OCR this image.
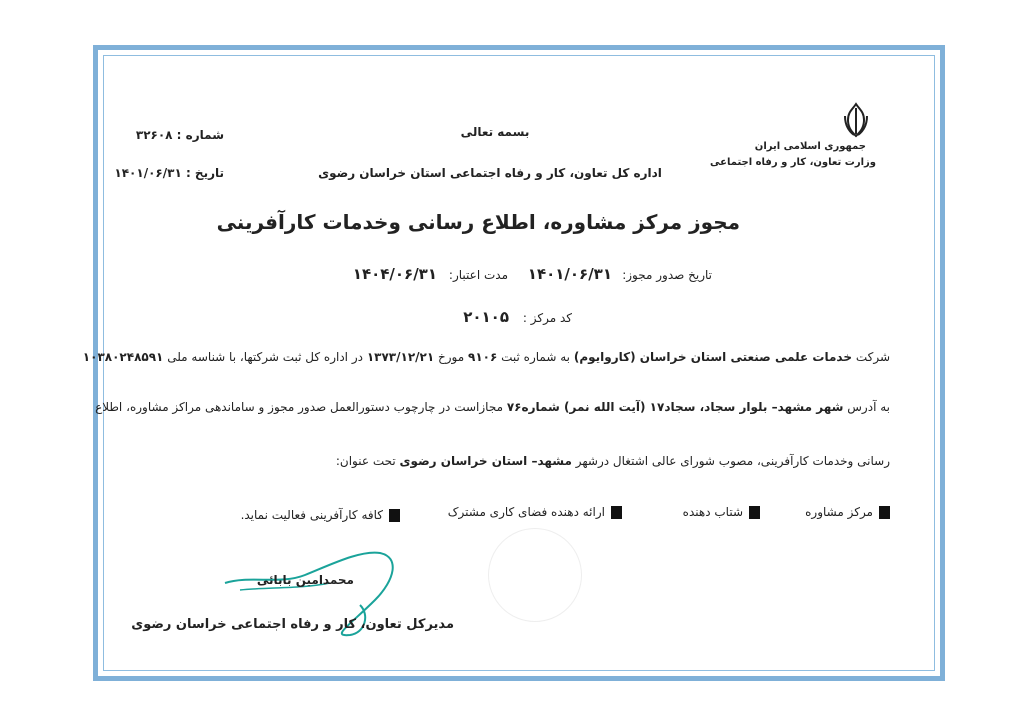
جمهوری اسلامی ایران
وزارت تعاون، کار و رفاه اجتماعی
بسمه تعالی
اداره کل تعاون، کار و رفاه اجتماعی استان خراسان رضوی
شماره : ۳۲۶۰۸
تاریخ : ۱۴۰۱/۰۶/۳۱
مجوز مرکز مشاوره، اطلاع رسانی وخدمات کارآفرینی
تاریخ صدور مجوز:
۱۴۰۱/۰۶/۳۱
مدت اعتبار:
۱۴۰۴/۰۶/۳۱
کد مرکز :
۲۰۱۰۵
شرکت خدمات علمی صنعتی استان خراسان (کاروایوم) به شماره ثبت ۹۱۰۶ مورخ ۱۳۷۳/۱۲/۲۱ در اداره کل ثبت شرکتها، با شناسه ملی ۱۰۳۸۰۲۴۸۵۹۱
به آدرس شهر مشهد– بلوار سجاد، سجاد۱۷ (آیت الله نمر) شماره۷۶ مجازاست در چارچوب دستورالعمل صدور مجوز و ساماندهی مراکز مشاوره، اطلاع
رسانی وخدمات کارآفرینی، مصوب شورای عالی اشتغال درشهر مشهد– استان خراسان رضوی تحت عنوان:
مرکز مشاوره
شتاب دهنده
ارائه دهنده فضای کاری مشترک
کافه کارآفرینی فعالیت نماید.
محمدامین بابائی
مدیرکل تعاون، کار و رفاه اجتماعی خراسان رضوی
